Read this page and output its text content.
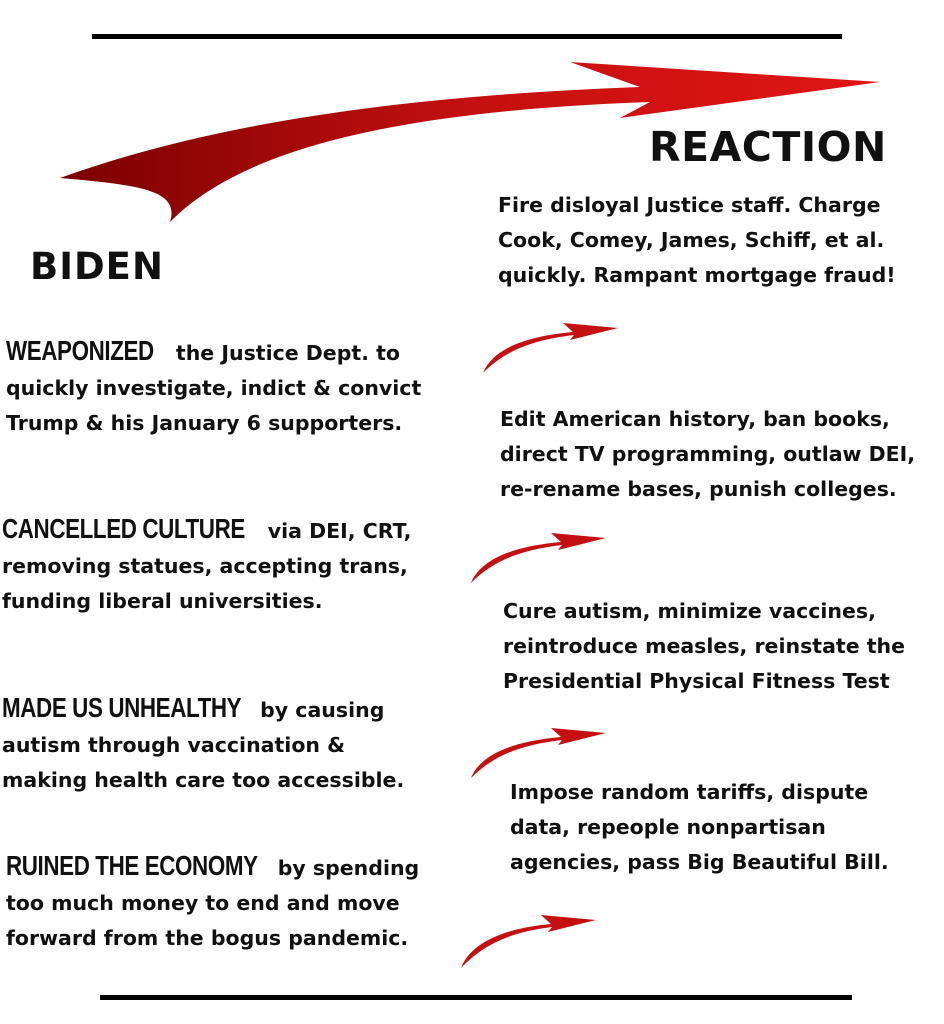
REACTION
BIDEN
Fire disloyal Justice staff. Charge
Cook, Comey, James, Schiff, et al.
quickly. Rampant mortgage fraud!
Edit American history, ban books,
direct TV programming, outlaw DEI,
re-rename bases, punish colleges.
Cure autism, minimize vaccines,
reintroduce measles, reinstate the
Presidential Physical Fitness Test
Impose random tariffs, dispute
data, repeople nonpartisan
agencies, pass Big Beautiful Bill.
WEAPONIZED the Justice Dept. to
quickly investigate, indict & convict
Trump & his January 6 supporters.
CANCELLED CULTURE via DEI, CRT,
removing statues, accepting trans,
funding liberal universities.
MADE US UNHEALTHY by causing
autism through vaccination &
making health care too accessible.
RUINED THE ECONOMY by spending
too much money to end and move
forward from the bogus pandemic.
